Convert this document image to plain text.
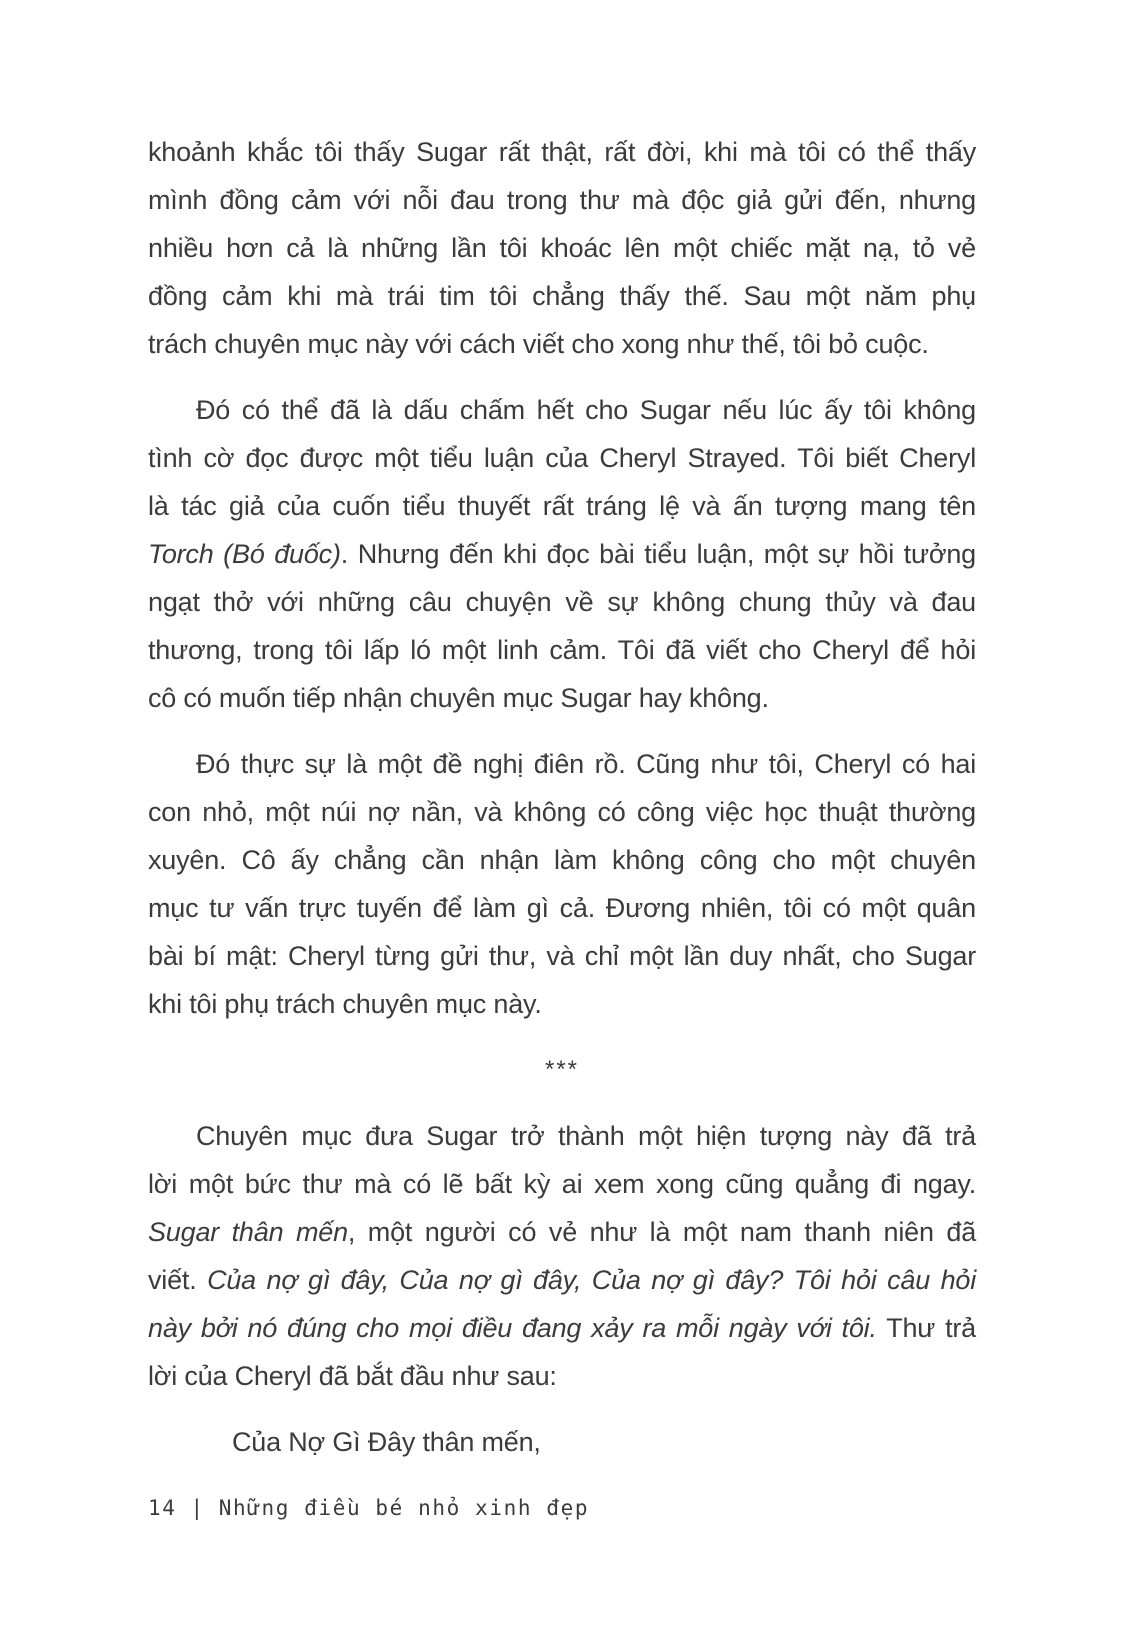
khoảnh khắc tôi thấy Sugar rất thật, rất đời, khi mà tôi có thể thấy
mình đồng cảm với nỗi đau trong thư mà độc giả gửi đến, nhưng
nhiều hơn cả là những lần tôi khoác lên một chiếc mặt nạ, tỏ vẻ
đồng cảm khi mà trái tim tôi chẳng thấy thế. Sau một năm phụ
trách chuyên mục này với cách viết cho xong như thế, tôi bỏ cuộc.
Đó có thể đã là dấu chấm hết cho Sugar nếu lúc ấy tôi không
tình cờ đọc được một tiểu luận của Cheryl Strayed. Tôi biết Cheryl
là tác giả của cuốn tiểu thuyết rất tráng lệ và ấn tượng mang tên
Torch (Bó đuốc). Nhưng đến khi đọc bài tiểu luận, một sự hồi tưởng
ngạt thở với những câu chuyện về sự không chung thủy và đau
thương, trong tôi lấp ló một linh cảm. Tôi đã viết cho Cheryl để hỏi
cô có muốn tiếp nhận chuyên mục Sugar hay không.
Đó thực sự là một đề nghị điên rồ. Cũng như tôi, Cheryl có hai
con nhỏ, một núi nợ nần, và không có công việc học thuật thường
xuyên. Cô ấy chẳng cần nhận làm không công cho một chuyên
mục tư vấn trực tuyến để làm gì cả. Đương nhiên, tôi có một quân
bài bí mật: Cheryl từng gửi thư, và chỉ một lần duy nhất, cho Sugar
khi tôi phụ trách chuyên mục này.
***
Chuyên mục đưa Sugar trở thành một hiện tượng này đã trả
lời một bức thư mà có lẽ bất kỳ ai xem xong cũng quẳng đi ngay.
Sugar thân mến, một người có vẻ như là một nam thanh niên đã
viết. Của nợ gì đây, Của nợ gì đây, Của nợ gì đây? Tôi hỏi câu hỏi
này bởi nó đúng cho mọi điều đang xảy ra mỗi ngày với tôi. Thư trả
lời của Cheryl đã bắt đầu như sau:
Của Nợ Gì Đây thân mến,
14 | Những điều bé nhỏ xinh đẹp
